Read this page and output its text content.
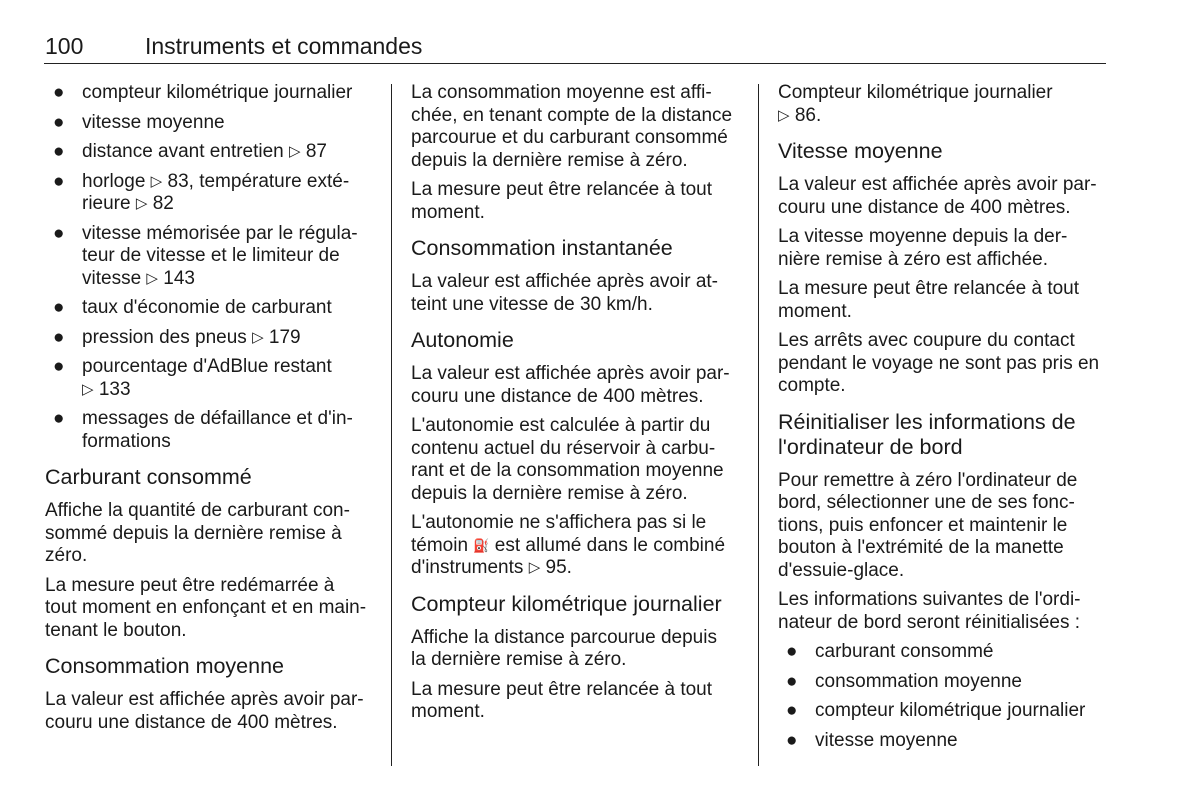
100	Instruments et commandes
● compteur kilométrique journalier
● vitesse moyenne
● distance avant entretien ▷ 87
● horloge ▷ 83, température exté-
rieure ▷ 82
● vitesse mémorisée par le régula-
teur de vitesse et le limiteur de
vitesse ▷ 143
● taux d'économie de carburant
● pression des pneus ▷ 179
● pourcentage d'AdBlue restant
▷ 133
● messages de défaillance et d'in-
formations
Carburant consommé

Affiche la quantité de carburant con-
sommé depuis la dernière remise à
zéro.

La mesure peut être redémarrée à
tout moment en enfonçant et en main-
tenant le bouton.

Consommation moyenne

La valeur est affichée après avoir par-
couru une distance de 400 mètres.

La consommation moyenne est affi-
chée, en tenant compte de la distance
parcourue et du carburant consommé
depuis la dernière remise à zéro.

La mesure peut être relancée à tout
moment.

Consommation instantanée

La valeur est affichée après avoir at-
teint une vitesse de 30 km/h.

Autonomie

La valeur est affichée après avoir par-
couru une distance de 400 mètres.

L'autonomie est calculée à partir du
contenu actuel du réservoir à carbu-
rant et de la consommation moyenne
depuis la dernière remise à zéro.

L'autonomie ne s'affichera pas si le
témoin ⛽ est allumé dans le combiné
d'instruments ▷ 95.

Compteur kilométrique journalier

Affiche la distance parcourue depuis
la dernière remise à zéro.

La mesure peut être relancée à tout
moment.

Compteur kilométrique journalier
▷ 86.

Vitesse moyenne

La valeur est affichée après avoir par-
couru une distance de 400 mètres.

La vitesse moyenne depuis la der-
nière remise à zéro est affichée.

La mesure peut être relancée à tout
moment.

Les arrêts avec coupure du contact
pendant le voyage ne sont pas pris en
compte.

Réinitialiser les informations de
l'ordinateur de bord

Pour remettre à zéro l'ordinateur de
bord, sélectionner une de ses fonc-
tions, puis enfoncer et maintenir le
bouton à l'extrémité de la manette
d'essuie-glace.

Les informations suivantes de l'ordi-
nateur de bord seront réinitialisées :

● carburant consommé
● consommation moyenne
● compteur kilométrique journalier
● vitesse moyenne
